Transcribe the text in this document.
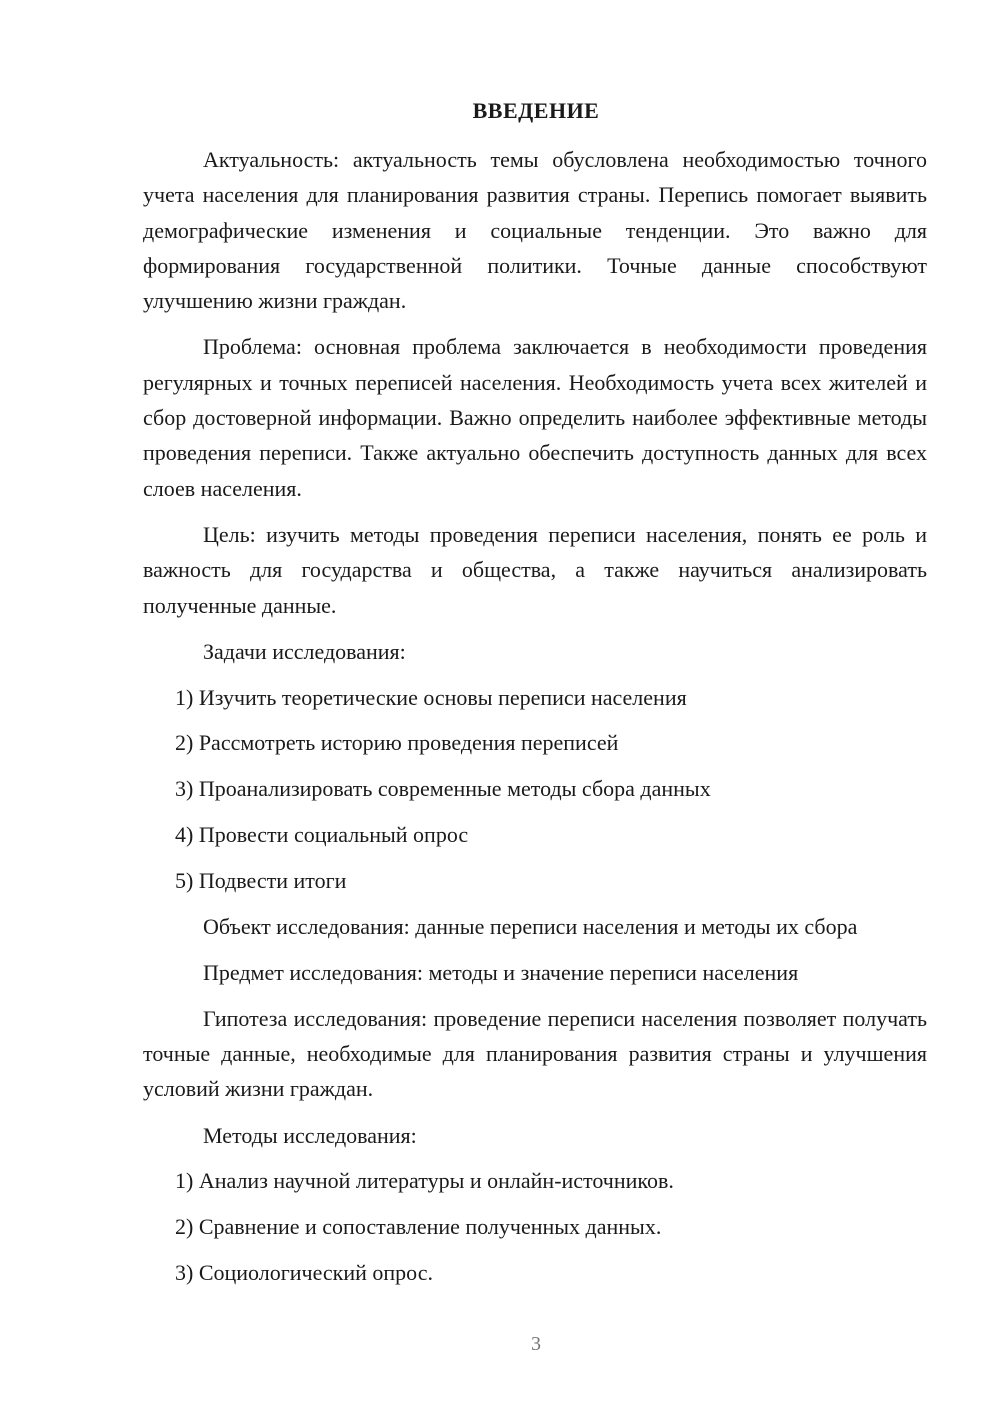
ВВЕДЕНИЕ

Актуальность: актуальность темы обусловлена необходимостью точного учета населения для планирования развития страны. Перепись помогает выявить демографические изменения и социальные тенденции. Это важно для формирования государственной политики. Точные данные способствуют улучшению жизни граждан.

Проблема: основная проблема заключается в необходимости проведения регулярных и точных переписей населения. Необходимость учета всех жителей и сбор достоверной информации. Важно определить наиболее эффективные методы проведения переписи. Также актуально обеспечить доступность данных для всех слоев населения.

Цель: изучить методы проведения переписи населения, понять ее роль и важность для государства и общества, а также научиться анализировать полученные данные.

Задачи исследования:

1) Изучить теоретические основы переписи населения
2) Рассмотреть историю проведения переписей
3) Проанализировать современные методы сбора данных
4) Провести социальный опрос
5) Подвести итоги

Объект исследования: данные переписи населения и методы их сбора

Предмет исследования: методы и значение переписи населения

Гипотеза исследования: проведение переписи населения позволяет получать точные данные, необходимые для планирования развития страны и улучшения условий жизни граждан.

Методы исследования:

1) Анализ научной литературы и онлайн-источников.
2) Сравнение и сопоставление полученных данных.
3) Социологический опрос.
3
